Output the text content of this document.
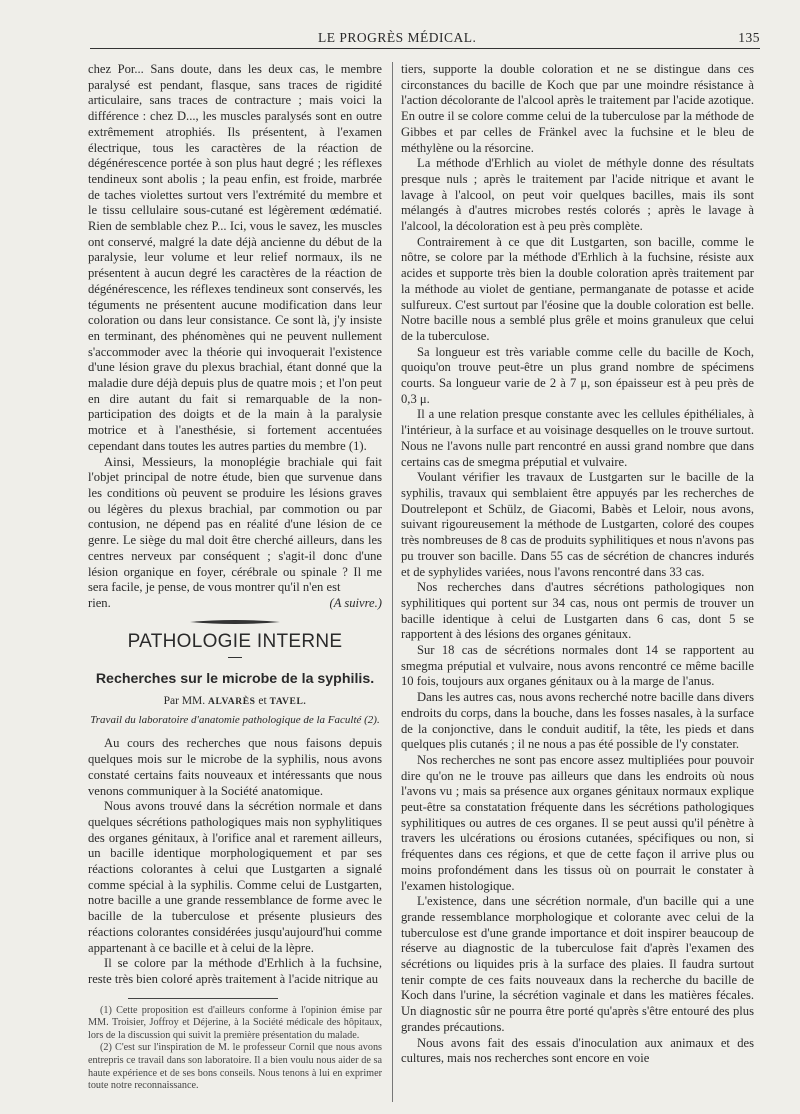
LE PROGRÈS MÉDICAL.	135

chez Por... Sans doute, dans les deux cas, le membre paralysé est pendant, flasque, sans traces de rigidité articulaire, sans traces de contracture ; mais voici la différence : chez D..., les muscles paralysés sont en outre extrêmement atrophiés. Ils présentent, à l'examen électrique, tous les caractères de la réaction de dégénérescence portée à son plus haut degré ; les réflexes tendineux sont abolis ; la peau enfin, est froide, marbrée de taches violettes surtout vers l'extrémité du membre et le tissu cellulaire sous-cutané est légèrement œdématié. Rien de semblable chez P... Ici, vous le savez, les muscles ont conservé, malgré la date déjà ancienne du début de la paralysie, leur volume et leur relief normaux, ils ne présentent à aucun degré les caractères de la réaction de dégénérescence, les réflexes tendineux sont conservés, les téguments ne présentent aucune modification dans leur coloration ou dans leur consistance. Ce sont là, j'y insiste en terminant, des phénomènes qui ne peuvent nullement s'accommoder avec la théorie qui invoquerait l'existence d'une lésion grave du plexus brachial, étant donné que la maladie dure déjà depuis plus de quatre mois ; et l'on peut en dire autant du fait si remarquable de la non-participation des doigts et de la main à la paralysie motrice et à l'anesthésie, si fortement accentuées cependant dans toutes les autres parties du membre (1).

Ainsi, Messieurs, la monoplégie brachiale qui fait l'objet principal de notre étude, bien que survenue dans les conditions où peuvent se produire les lésions graves ou légères du plexus brachial, par commotion ou par contusion, ne dépend pas en réalité d'une lésion de ce genre. Le siège du mal doit être cherché ailleurs, dans les centres nerveux par conséquent ; s'agit-il donc d'une lésion organique en foyer, cérébrale ou spinale ? Il me sera facile, je pense, de vous montrer qu'il n'en est

rien.	(A suivre.)
PATHOLOGIE INTERNE
Recherches sur le microbe de la syphilis.
Par MM. ALVARÈS et TAVEL.
Travail du laboratoire d'anatomie pathologique de la Faculté (2).

Au cours des recherches que nous faisons depuis quelques mois sur le microbe de la syphilis, nous avons constaté certains faits nouveaux et intéressants que nous venons communiquer à la Société anatomique.

Nous avons trouvé dans la sécrétion normale et dans quelques sécrétions pathologiques mais non syphylitiques des organes génitaux, à l'orifice anal et rarement ailleurs, un bacille identique morphologiquement et par ses réactions colorantes à celui que Lustgarten a signalé comme spécial à la syphilis. Comme celui de Lustgarten, notre bacille a une grande ressemblance de forme avec le bacille de la tuberculose et présente plusieurs des réactions colorantes considérées jusqu'aujourd'hui comme appartenant à ce bacille et à celui de la lèpre.

Il se colore par la méthode d'Erhlich à la fuchsine, reste très bien coloré après traitement à l'acide nitrique au

(1) Cette proposition est d'ailleurs conforme à l'opinion émise par MM. Troisier, Joffroy et Déjerine, à la Société médicale des hôpitaux, lors de la discussion qui suivit la première présentation du malade.

(2) C'est sur l'inspiration de M. le professeur Cornil que nous avons entrepris ce travail dans son laboratoire. Il a bien voulu nous aider de sa haute expérience et de ses bons conseils. Nous tenons à lui en exprimer toute notre reconnaissance.

tiers, supporte la double coloration et ne se distingue dans ces circonstances du bacille de Koch que par une moindre résistance à l'action décolorante de l'alcool après le traitement par l'acide azotique. En outre il se colore comme celui de la tuberculose par la méthode de Gibbes et par celles de Fränkel avec la fuchsine et le bleu de méthylène ou la résorcine.

La méthode d'Erhlich au violet de méthyle donne des résultats presque nuls ; après le traitement par l'acide nitrique et avant le lavage à l'alcool, on peut voir quelques bacilles, mais ils sont mélangés à d'autres microbes restés colorés ; après le lavage à l'alcool, la décoloration est à peu près complète.

Contrairement à ce que dit Lustgarten, son bacille, comme le nôtre, se colore par la méthode d'Erhlich à la fuchsine, résiste aux acides et supporte très bien la double coloration après traitement par la méthode au violet de gentiane, permanganate de potasse et acide sulfureux. C'est surtout par l'éosine que la double coloration est belle. Notre bacille nous a semblé plus grêle et moins granuleux que celui de la tuberculose.

Sa longueur est très variable comme celle du bacille de Koch, quoiqu'on trouve peut-être un plus grand nombre de spécimens courts. Sa longueur varie de 2 à 7 μ, son épaisseur est à peu près de 0,3 μ.

Il a une relation presque constante avec les cellules épithéliales, à l'intérieur, à la surface et au voisinage desquelles on le trouve surtout. Nous ne l'avons nulle part rencontré en aussi grand nombre que dans certains cas de smegma préputial et vulvaire.

Voulant vérifier les travaux de Lustgarten sur le bacille de la syphilis, travaux qui semblaient être appuyés par les recherches de Doutrelepont et Schülz, de Giacomi, Babès et Leloir, nous avons, suivant rigoureusement la méthode de Lustgarten, coloré des coupes très nombreuses de 8 cas de produits syphilitiques et nous n'avons pas pu trouver son bacille. Dans 55 cas de sécrétion de chancres indurés et de syphylides variées, nous l'avons rencontré dans 33 cas.

Nos recherches dans d'autres sécrétions pathologiques non syphilitiques qui portent sur 34 cas, nous ont permis de trouver un bacille identique à celui de Lustgarten dans 6 cas, dont 5 se rapportent à des lésions des organes génitaux.

Sur 18 cas de sécrétions normales dont 14 se rapportent au smegma préputial et vulvaire, nous avons rencontré ce même bacille 10 fois, toujours aux organes génitaux ou à la marge de l'anus.

Dans les autres cas, nous avons recherché notre bacille dans divers endroits du corps, dans la bouche, dans les fosses nasales, à la surface de la conjonctive, dans le conduit auditif, la tête, les pieds et dans quelques plis cutanés ; il ne nous a pas été possible de l'y constater.

Nos recherches ne sont pas encore assez multipliées pour pouvoir dire qu'on ne le trouve pas ailleurs que dans les endroits où nous l'avons vu ; mais sa présence aux organes génitaux normaux explique peut-être sa constatation fréquente dans les sécrétions pathologiques syphilitiques ou autres de ces organes. Il se peut aussi qu'il pénètre à travers les ulcérations ou érosions cutanées, spécifiques ou non, si fréquentes dans ces régions, et que de cette façon il arrive plus ou moins profondément dans les tissus où on pourrait le constater à l'examen histologique.

L'existence, dans une sécrétion normale, d'un bacille qui a une grande ressemblance morphologique et colorante avec celui de la tuberculose est d'une grande importance et doit inspirer beaucoup de réserve au diagnostic de la tuberculose fait d'après l'examen des sécrétions ou liquides pris à la surface des plaies. Il faudra surtout tenir compte de ces faits nouveaux dans la recherche du bacille de Koch dans l'urine, la sécrétion vaginale et dans les matières fécales. Un diagnostic sûr ne pourra être porté qu'après s'être entouré des plus grandes précautions.

Nous avons fait des essais d'inoculation aux animaux et des cultures, mais nos recherches sont encore en voie
